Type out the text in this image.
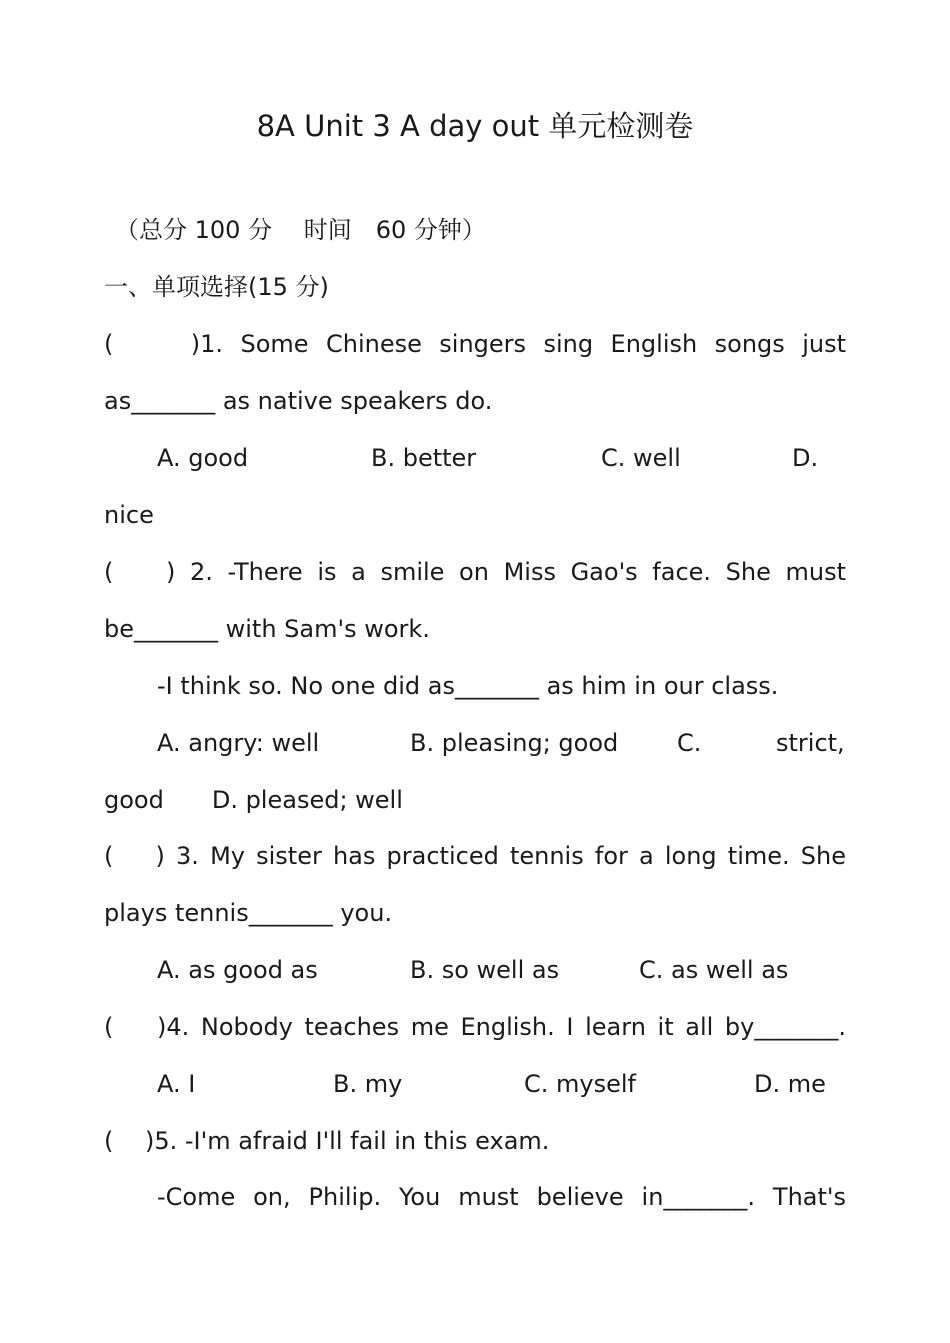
8A Unit 3 A day out 单元检测卷
（总分 100 分　 时间　60 分钟）
一、单项选择(15 分)
(　　)1. Some Chinese singers sing English songs just
as_______ as native speakers do.
A. good	B. better	C. well	D.
nice
(　 ) 2. -There is a smile on Miss Gao's face. She must
be_______ with Sam's work.
-I think so. No one did as_______ as him in our class.
A. angry: well	B. pleasing; good C.	strict,
good　　D. pleased; well
(　 ) 3. My sister has practiced tennis for a long time. She
plays tennis_______ you.
A. as good as	B. so well as	C. as well as
(　 )4. Nobody teaches me English. I learn it all by_______.
A. I	B. my	C. myself	D. me
(　 )5. -I'm afraid I'll fail in this exam.
-Come on, Philip. You must believe in_______. That's
